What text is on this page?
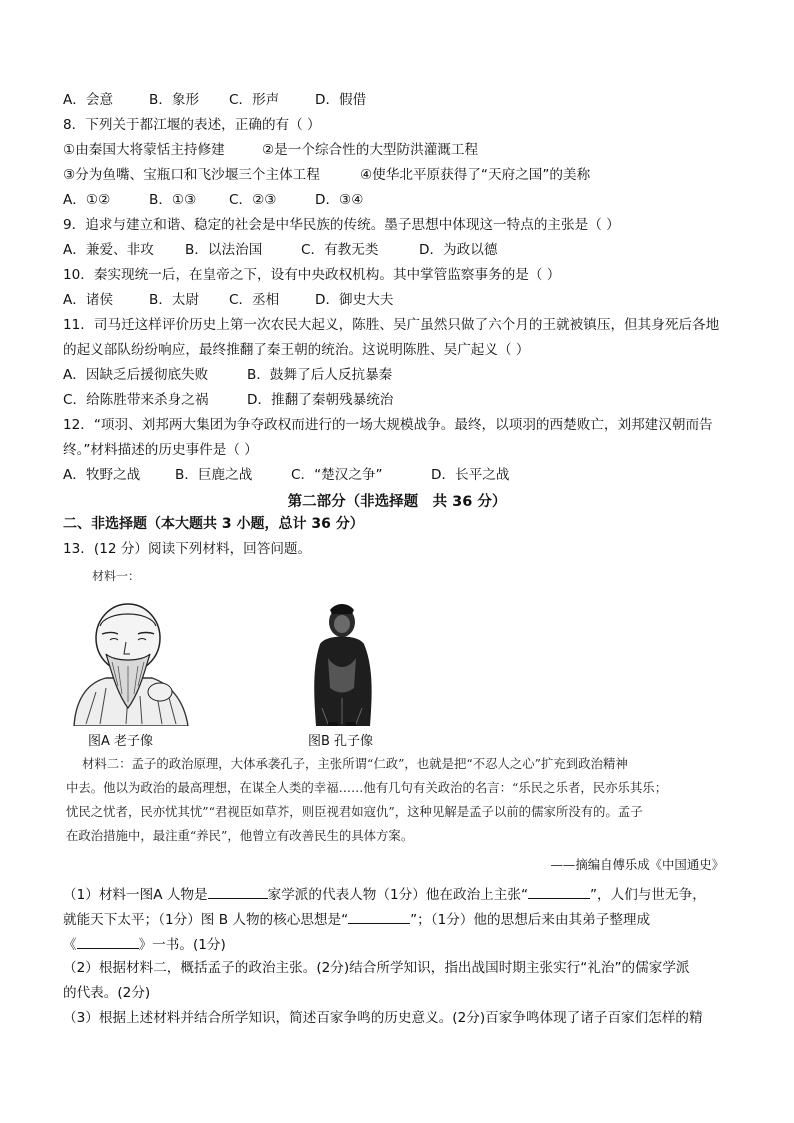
A．会意	B．象形 C．形声	D．假借
8．下列关于都江堰的表述，正确的有（ ）
①由秦国大将蒙恬主持修建	②是一个综合性的大型防洪灌溉工程
③分为鱼嘴、宝瓶口和飞沙堰三个主体工程	④使华北平原获得了“天府之国”的美称
A．①②	B．①③ C．②③	D．③④
9．追求与建立和谐、稳定的社会是中华民族的传统。墨子思想中体现这一特点的主张是（ ）
A．兼爱、非攻 B．以法治国	C．有教无类	D．为政以德
10．秦实现统一后，在皇帝之下，设有中央政权机构。其中掌管监察事务的是（ ）
A．诸侯	B．太尉 C．丞相	D．御史大夫
11．司马迁这样评价历史上第一次农民大起义，陈胜、吴广虽然只做了六个月的王就被镇压，但其身死后各地
的起义部队纷纷响应，最终推翻了秦王朝的统治。这说明陈胜、吴广起义（ ）
A．因缺乏后援彻底失败	B．鼓舞了后人反抗暴秦
C．给陈胜带来杀身之祸	D．推翻了秦朝残暴统治
12．“项羽、刘邦两大集团为争夺政权而进行的一场大规模战争。最终，以项羽的西楚败亡，刘邦建汉朝而告
终。”材料描述的历史事件是（ ）
A．牧野之战	B．巨鹿之战	C．“楚汉之争”	D．长平之战
第二部分（非选择题　共 36 分）
二、非选择题（本大题共 3 小题，总计 36 分）
13．(12 分）阅读下列材料，回答问题。
材料一：
图A 老子像	图B 孔子像
材料二：孟子的政治原理，大体承袭孔子，主张所谓“仁政”，也就是把“不忍人之心”扩充到政治精神
中去。他以为政治的最高理想，在谋全人类的幸福……他有几句有关政治的名言：“乐民之乐者，民亦乐其乐；
忧民之忧者，民亦忧其忧”“君视臣如草芥，则臣视君如寇仇”，这种见解是孟子以前的儒家所没有的。孟子
在政治措施中，最注重“养民”，他曾立有改善民生的具体方案。
——摘编自傅乐成《中国通史》
（1）材料一图A 人物是	家学派的代表人物（1分）他在政治上主张“	”，人们与世无争，
就能天下太平；（1分）图 B 人物的核心思想是“	”；（1分）他的思想后来由其弟子整理成
《	》一书。(1分)
（2）根据材料二，概括孟子的政治主张。(2分)结合所学知识，指出战国时期主张实行“礼治”的儒家学派
的代表。(2分)
（3）根据上述材料并结合所学知识，简述百家争鸣的历史意义。(2分)百家争鸣体现了诸子百家们怎样的精
